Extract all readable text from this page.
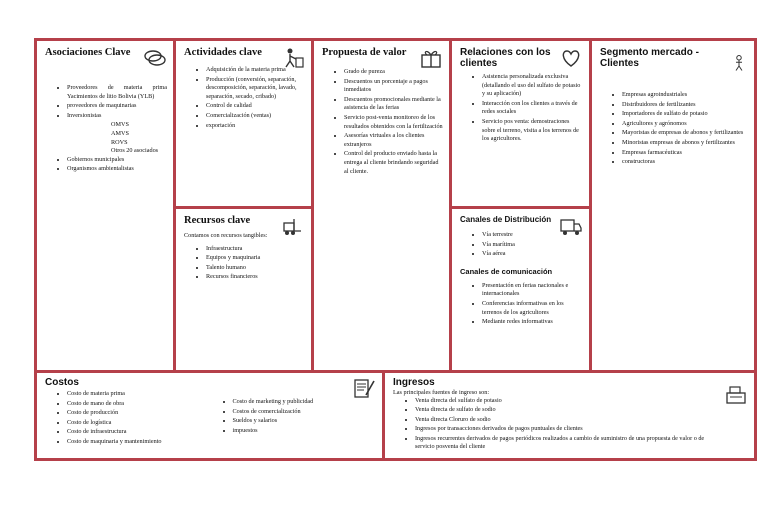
Asociaciones Clave
• Proveedores de materia prima Yacimientos de litio Bolivia (YLB)
• proveedores de maquinarias
• Inversionistas
OMVS
AMVS
ROVS
Otros 20 asociados
• Gobiernos municipales
• Organismos ambientalistas
Actividades clave
• Adquisición de la materia prima
• Producción (conversión, separación, descomposición, separación, lavado, separación, secado, cribado)
• Control de calidad
• Comercialización (ventas)
• exportación
Recursos clave
Contamos con recursos tangibles:
• Infraestructura
• Equipos y maquinaria
• Talento humano
• Recursos financieros
Propuesta de valor
• Grado de pureza
• Descuentos un porcentaje a pagos inmediatos
• Descuentos promocionales mediante la asistencia de las ferias
• Servicio post-venta monitoreo de los resultados obtenidos con la fertilización
• Asesorías virtuales a los clientes extranjeros
• Control del producto enviado hasta la entrega al cliente brindando seguridad al cliente.
Relaciones con los clientes
• Asistencia personalizada exclusiva (detallando el uso del sulfato de potasio y su aplicación)
• Interacción con los clientes a través de redes sociales
• Servicio pos venta: demostraciones sobre el terreno, visita a los terrenos de los agricultores.
Canales de Distribución
• Vía terrestre
• Vía marítima
• Vía aérea
Canales de comunicación
• Presentación en ferias nacionales e internacionales
• Conferencias informativas en los terrenos de los agricultores
• Mediante redes informativas
Segmento mercado - Clientes
• Empresas agroindustriales
• Distribuidores de fertilizantes
• Importadores de sulfato de potasio
• Agricultores y agrónomos
• Mayoristas de empresas de abonos y fertilizantes
• Minoristas empresas de abonos y fertilizantes
• Empresas farmacéuticas
• constructoras
Costos
• Costo de materia prima
• Costo de mano de obra
• Costo de producción
• Costo de logística
• Costo de infraestructura
• Costo de maquinaria y mantenimiento
• Costo de marketing y publicidad
• Costos de comercialización
• Sueldos y salarios
• impuestos
Ingresos
Las principales fuentes de ingreso son:
• Venta directa del sulfato de potasio
• Venta directa de sulfato de sodio
• Venta directa Cloruro de sodio
• Ingresos por transacciones derivados de pagos puntuales de clientes
• Ingresos recurrentes derivados de pagos periódicos realizados a cambio de suministro de una propuesta de valor o de servicio posventa del cliente
